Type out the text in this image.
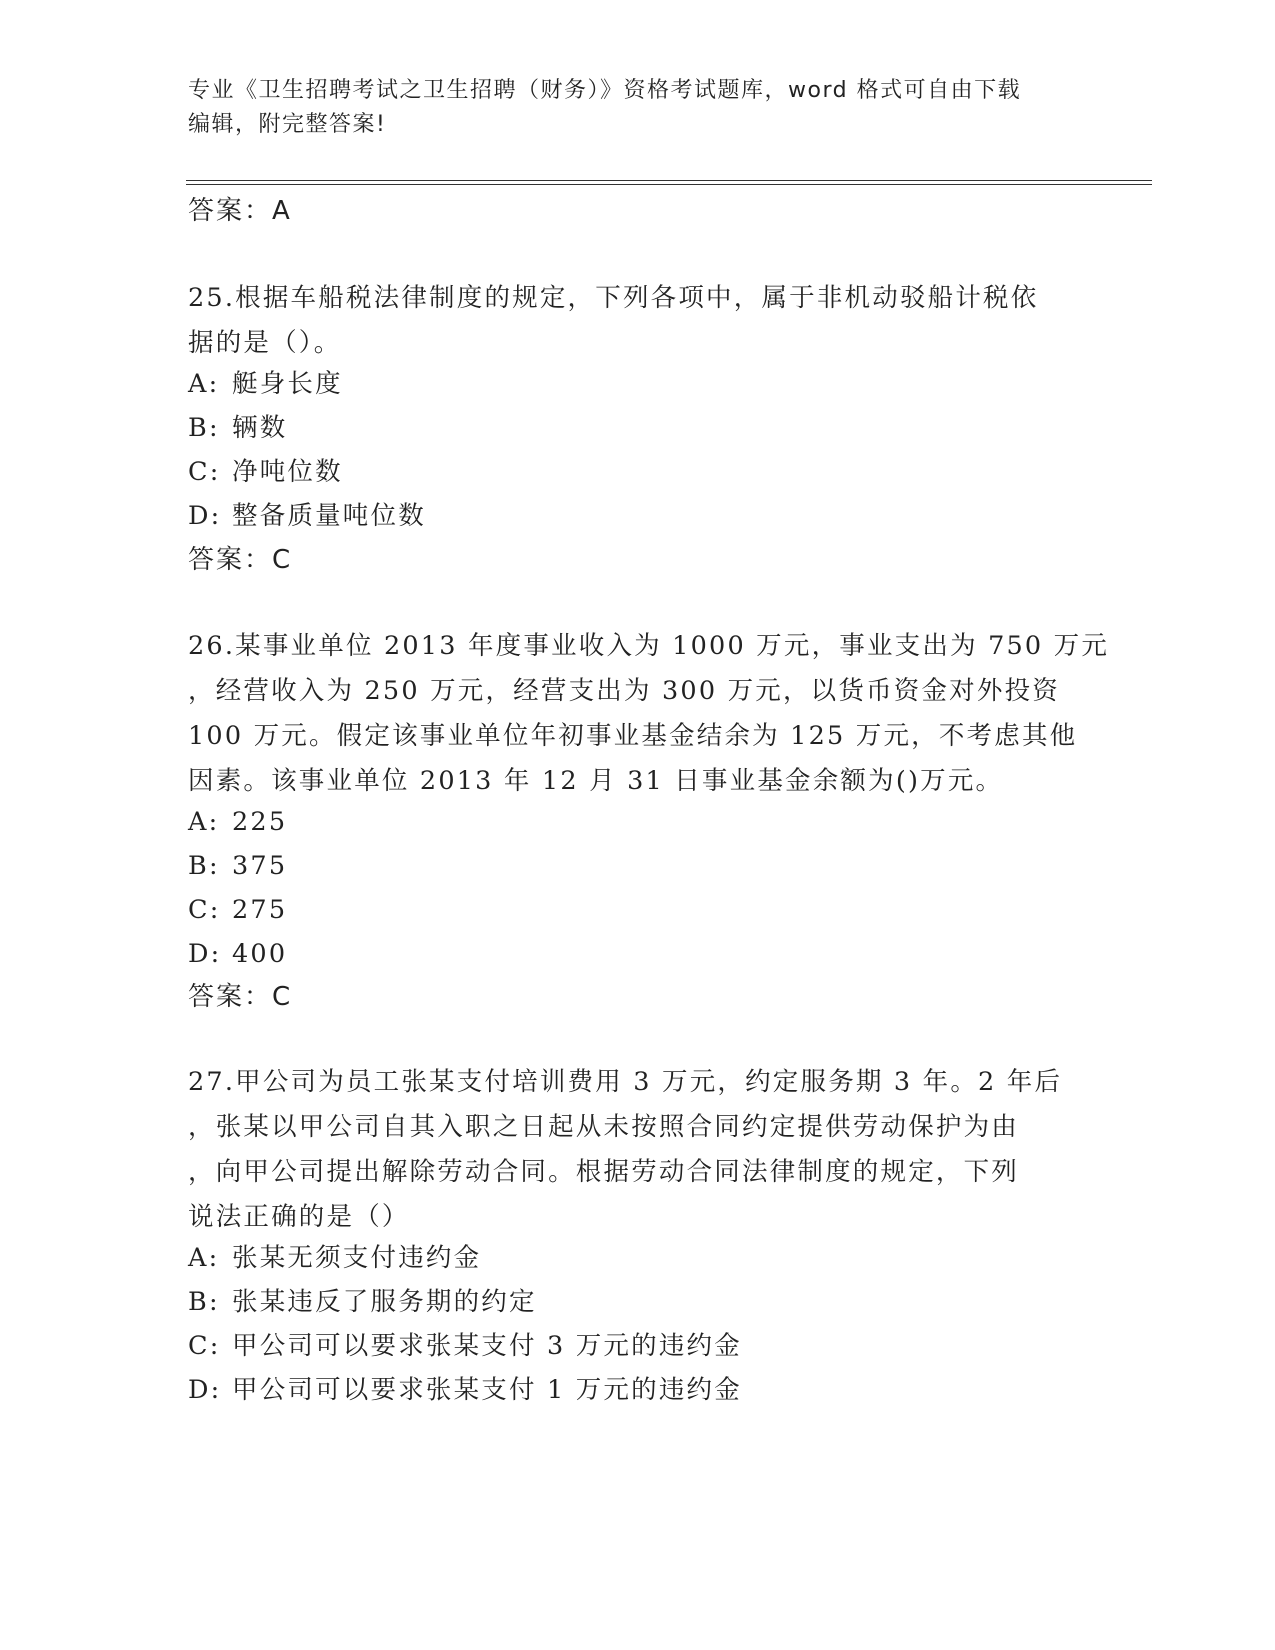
专业《卫生招聘考试之卫生招聘（财务）》资格考试题库，word 格式可自由下载
编辑，附完整答案!
答案：A
25.根据车船税法律制度的规定，下列各项中，属于非机动驳船计税依
据的是（）。
A: 艇身长度
B: 辆数
C: 净吨位数
D: 整备质量吨位数
答案：C
26.某事业单位 2013 年度事业收入为 1000 万元，事业支出为 750 万元
，经营收入为 250 万元，经营支出为 300 万元，以货币资金对外投资
100 万元。假定该事业单位年初事业基金结余为 125 万元，不考虑其他
因素。该事业单位 2013 年 12 月 31 日事业基金余额为()万元。
A: 225
B: 375
C: 275
D: 400
答案：C
27.甲公司为员工张某支付培训费用 3 万元，约定服务期 3 年。2 年后
，张某以甲公司自其入职之日起从未按照合同约定提供劳动保护为由
，向甲公司提出解除劳动合同。根据劳动合同法律制度的规定，下列
说法正确的是（）
A: 张某无须支付违约金
B: 张某违反了服务期的约定
C: 甲公司可以要求张某支付 3 万元的违约金
D: 甲公司可以要求张某支付 1 万元的违约金
